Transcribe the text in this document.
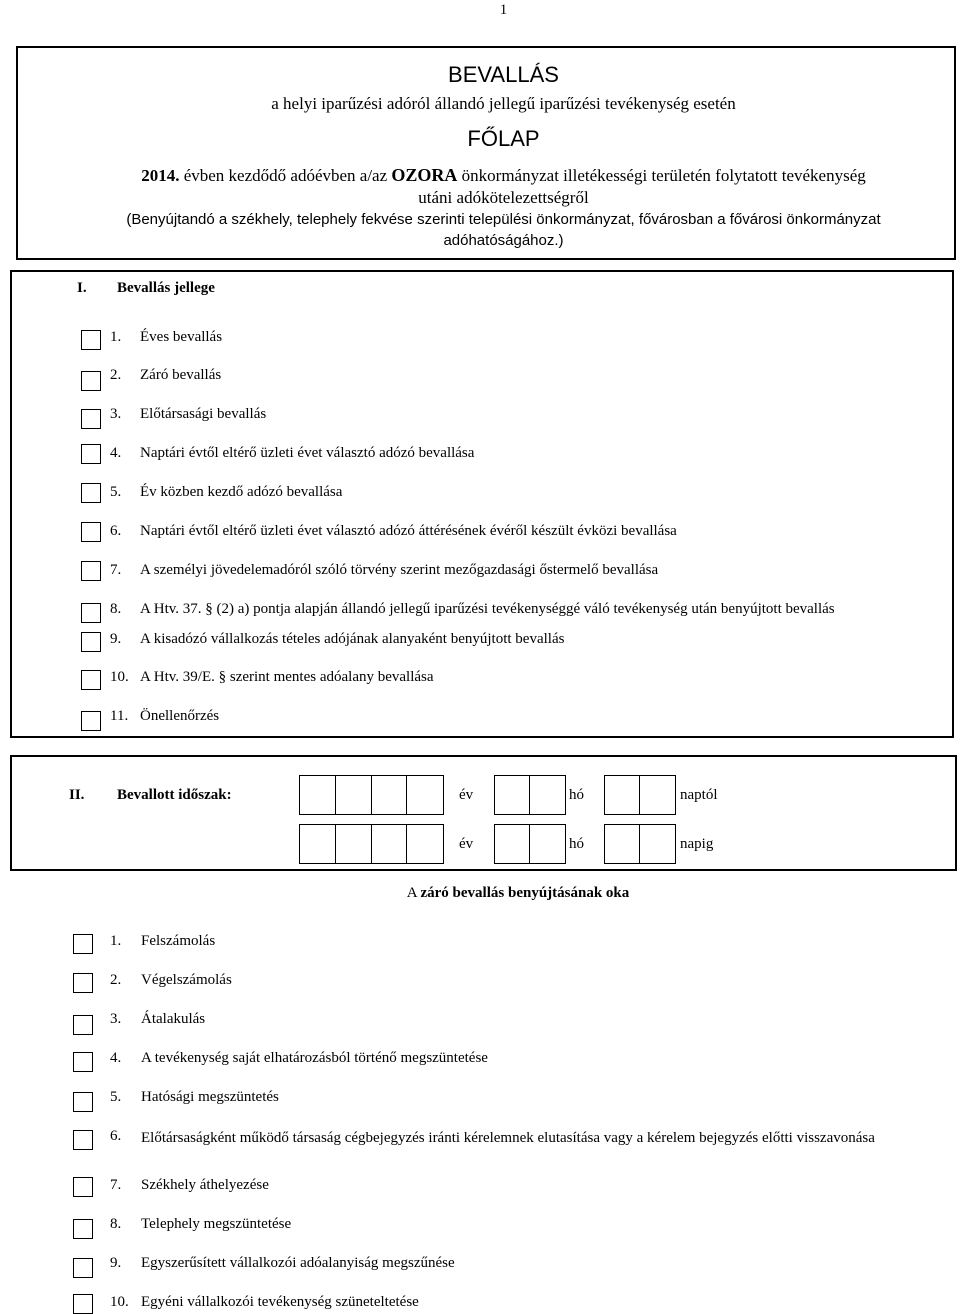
1
BEVALLÁS
a helyi iparűzési adóról állandó jellegű iparűzési tevékenység esetén
FŐLAP
2014. évben kezdődő adóévben a/az OZORA önkormányzat illetékességi területén folytatott tevékenység
utáni adókötelezettségről
(Benyújtandó a székhely, telephely fekvése szerinti települési önkormányzat, fővárosban a fővárosi önkormányzat
adóhatóságához.)
I. Bevallás jellege
1. Éves bevallás
2. Záró bevallás
3. Előtársasági bevallás
4. Naptári évtől eltérő üzleti évet választó adózó bevallása
5. Év közben kezdő adózó bevallása
6. Naptári évtől eltérő üzleti évet választó adózó áttérésének évéről készült évközi bevallása
7. A személyi jövedelemadóról szóló törvény szerint mezőgazdasági őstermelő bevallása
8. A Htv. 37. § (2) a) pontja alapján állandó jellegű iparűzési tevékenységgé váló tevékenység után benyújtott bevallás
9. A kisadózó vállalkozás tételes adójának alanyaként benyújtott bevallás
10. A Htv. 39/E. § szerint mentes adóalany bevallása
11. Önellenőrzés
II. Bevallott időszak:	év	hó	naptól
év	hó	napig
A záró bevallás benyújtásának oka
1. Felszámolás
2. Végelszámolás
3. Átalakulás
4. A tevékenység saját elhatározásból történő megszüntetése
5. Hatósági megszüntetés
6.	Előtársaságként működő társaság cégbejegyzés iránti kérelemnek elutasítása vagy a kérelem bejegyzés előtti visszavonása
7. Székhely áthelyezése
8. Telephely megszüntetése
9. Egyszerűsített vállalkozói adóalanyiság megszűnése
10. Egyéni vállalkozói tevékenység szüneteltetése
